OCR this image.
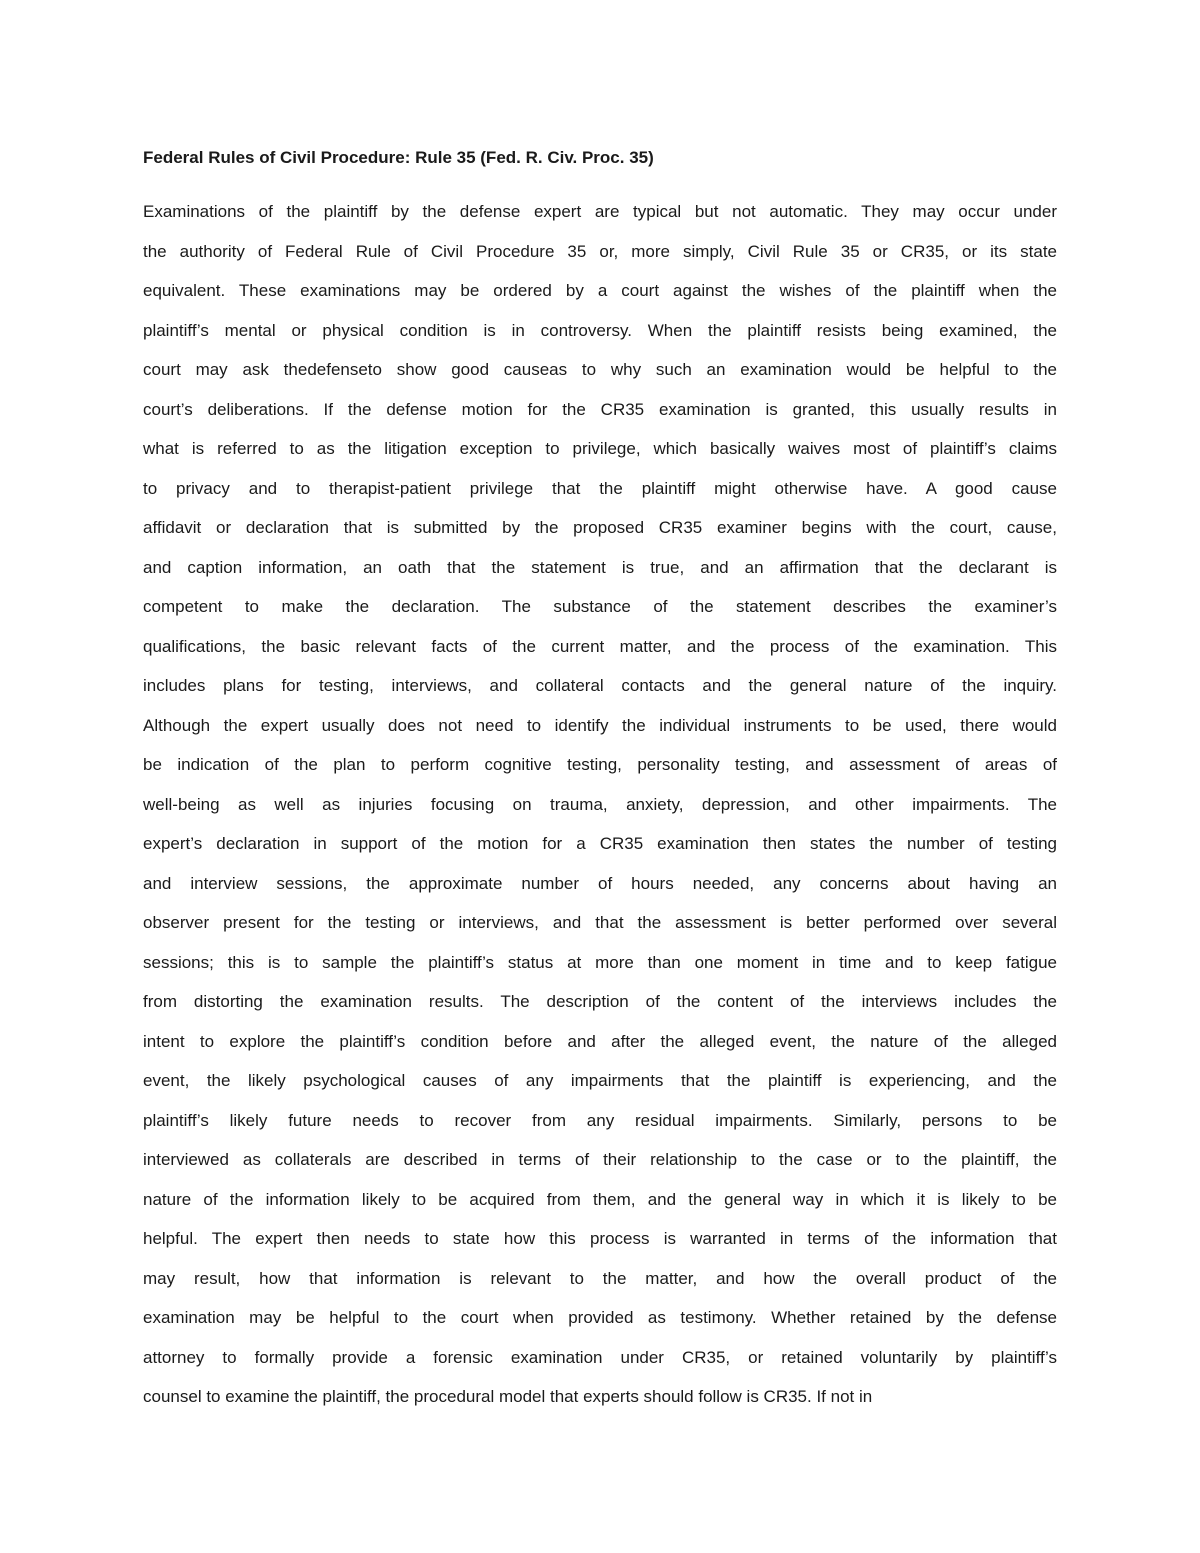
Federal Rules of Civil Procedure: Rule 35 (Fed. R. Civ. Proc. 35)
Examinations of the plaintiff by the defense expert are typical but not automatic. They may occur under
the authority of Federal Rule of Civil Procedure 35 or, more simply, Civil Rule 35 or CR35, or its state
equivalent. These examinations may be ordered by a court against the wishes of the plaintiff when the
plaintiff’s mental or physical condition is in controversy. When the plaintiff resists being examined, the
court may ask thedefenseto show good causeas to why such an examination would be helpful to the
court’s deliberations. If the defense motion for the CR35 examination is granted, this usually results in
what is referred to as the litigation exception to privilege, which basically waives most of plaintiff’s claims
to privacy and to therapist-patient privilege that the plaintiff might otherwise have. A good cause
affidavit or declaration that is submitted by the proposed CR35 examiner begins with the court, cause,
and caption information, an oath that the statement is true, and an affirmation that the declarant is
competent to make the declaration. The substance of the statement describes the examiner’s
qualifications, the basic relevant facts of the current matter, and the process of the examination. This
includes plans for testing, interviews, and collateral contacts and the general nature of the inquiry.
Although the expert usually does not need to identify the individual instruments to be used, there would
be indication of the plan to perform cognitive testing, personality testing, and assessment of areas of
well-being as well as injuries focusing on trauma, anxiety, depression, and other impairments. The
expert’s declaration in support of the motion for a CR35 examination then states the number of testing
and interview sessions, the approximate number of hours needed, any concerns about having an
observer present for the testing or interviews, and that the assessment is better performed over several
sessions; this is to sample the plaintiff’s status at more than one moment in time and to keep fatigue
from distorting the examination results. The description of the content of the interviews includes the
intent to explore the plaintiff’s condition before and after the alleged event, the nature of the alleged
event, the likely psychological causes of any impairments that the plaintiff is experiencing, and the
plaintiff’s likely future needs to recover from any residual impairments. Similarly, persons to be
interviewed as collaterals are described in terms of their relationship to the case or to the plaintiff, the
nature of the information likely to be acquired from them, and the general way in which it is likely to be
helpful. The expert then needs to state how this process is warranted in terms of the information that
may result, how that information is relevant to the matter, and how the overall product of the
examination may be helpful to the court when provided as testimony. Whether retained by the defense
attorney to formally provide a forensic examination under CR35, or retained voluntarily by plaintiff’s
counsel to examine the plaintiff, the procedural model that experts should follow is CR35. If not in
